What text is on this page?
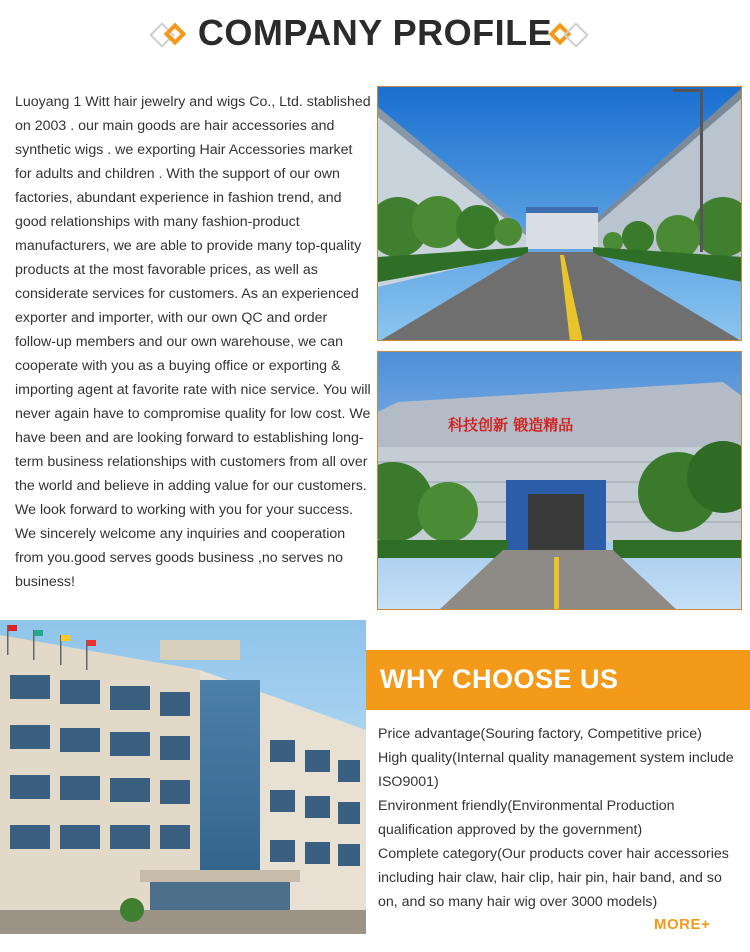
COMPANY PROFILE
Luoyang 1 Witt hair jewelry and wigs Co., Ltd. stablished on 2003 . our main goods are hair accessories and synthetic wigs . we exporting Hair Accessories market for adults and children . With the support of our own factories, abundant experience in fashion trend, and good relationships with many fashion-product manufacturers, we are able to provide many top-quality products at the most favorable prices, as well as considerate services for customers. As an experienced exporter and importer, with our own QC and order follow-up members and our own warehouse, we can cooperate with you as a buying office or exporting & importing agent at favorite rate with nice service. You will never again have to compromise quality for low cost. We have been and are looking forward to establishing long-term business relationships with customers from all over the world and believe in adding value for our customers. We look forward to working with you for your success. We sincerely welcome any inquiries and cooperation from you.good serves goods business ,no serves no business!
科技创新 锻造精品
WHY CHOOSE US
Price advantage(Souring factory, Competitive price)
High quality(Internal quality management system include ISO9001)
Environment friendly(Environmental Production qualification approved by the government)
Complete category(Our products cover hair accessories including hair claw, hair clip, hair pin, hair band, and so on, and so many hair wig over 3000 models)
MORE+
